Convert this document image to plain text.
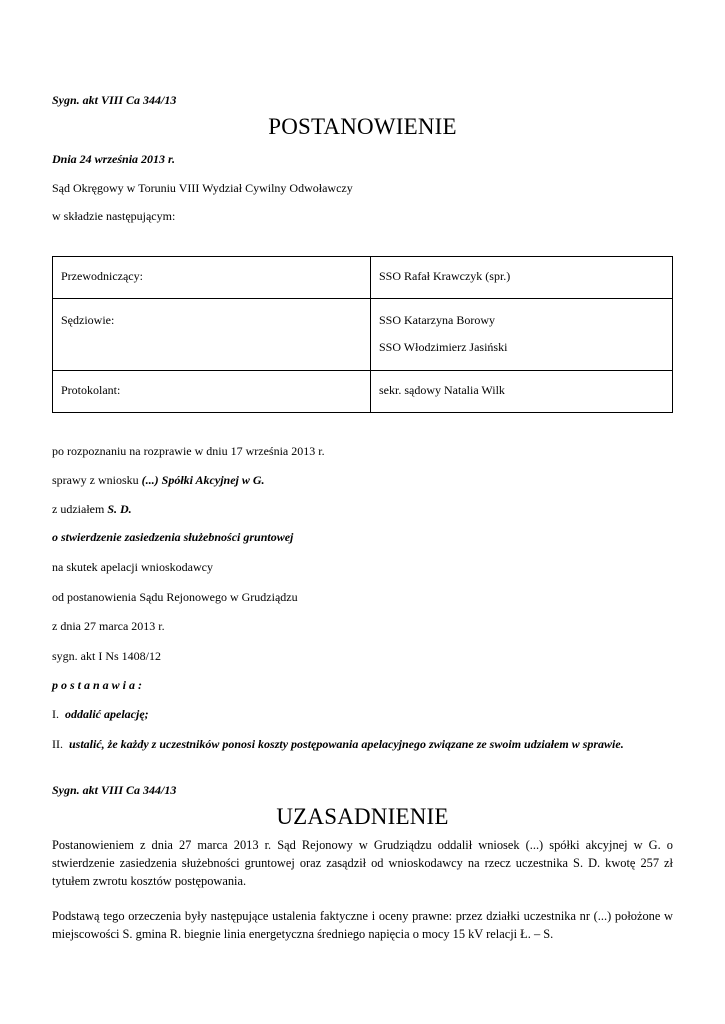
Sygn. akt VIII Ca 344/13
POSTANOWIENIE
Dnia 24 września 2013 r.
Sąd Okręgowy w Toruniu VIII Wydział Cywilny Odwoławczy
w składzie następującym:
Przewodniczący:	SSO Rafał Krawczyk (spr.)

Sędziowie:	SSO Katarzyna Borowy
SSO Włodzimierz Jasiński

Protokolant:	sekr. sądowy Natalia Wilk
po rozpoznaniu na rozprawie w dniu 17 września 2013 r.
sprawy z wniosku (...) Spółki Akcyjnej w G.
z udziałem S. D.
o stwierdzenie zasiedzenia służebności gruntowej
na skutek apelacji wnioskodawcy
od postanowienia Sądu Rejonowego w Grudziądzu
z dnia 27 marca 2013 r.
sygn. akt I Ns 1408/12
postanawia:
I.  oddalić apelację;
II.  ustalić, że każdy z uczestników ponosi koszty postępowania apelacyjnego związane ze swoim udziałem w sprawie.
Sygn. akt VIII Ca 344/13
UZASADNIENIE
Postanowieniem z dnia 27 marca 2013 r. Sąd Rejonowy w Grudziądzu oddalił wniosek (...) spółki akcyjnej w G. o stwierdzenie zasiedzenia służebności gruntowej oraz zasądził od wnioskodawcy na rzecz uczestnika S. D. kwotę 257 zł tytułem zwrotu kosztów postępowania.
Podstawą tego orzeczenia były następujące ustalenia faktyczne i oceny prawne: przez działki uczestnika nr (...) położone w miejscowości S. gmina R. biegnie linia energetyczna średniego napięcia o mocy 15 kV relacji Ł. – S.
